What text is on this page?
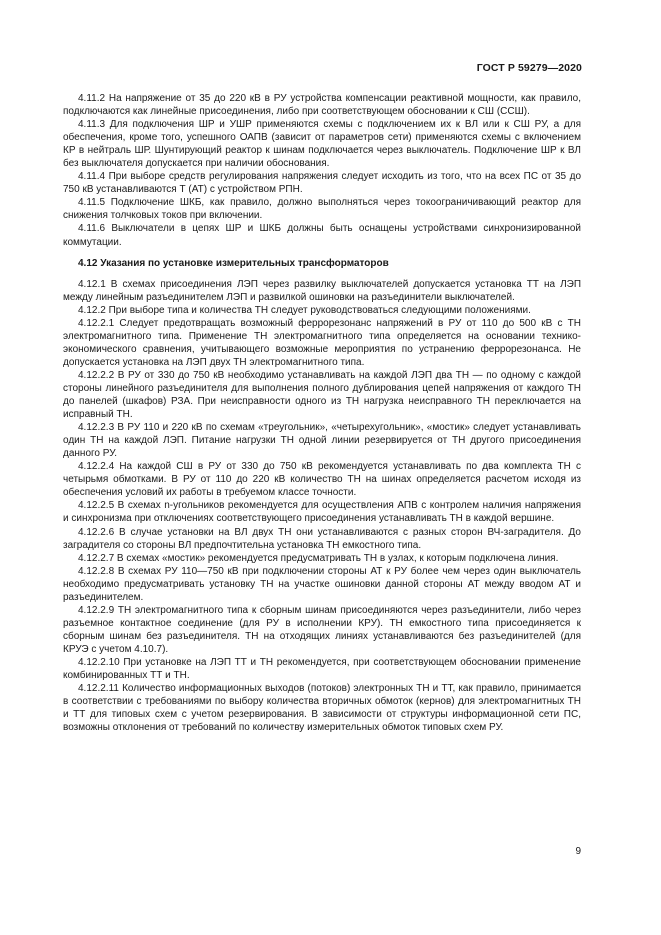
ГОСТ Р 59279—2020

4.11.2 На напряжение от 35 до 220 кВ в РУ устройства компенсации реактивной мощности, как правило, подключаются как линейные присоединения, либо при соответствующем обосновании к СШ (ССШ).

4.11.3 Для подключения ШР и УШР применяются схемы с подключением их к ВЛ или к СШ РУ, а для обеспечения, кроме того, успешного ОАПВ (зависит от параметров сети) применяются схемы с включением КР в нейтраль ШР. Шунтирующий реактор к шинам подключается через выключатель. Подключение ШР к ВЛ без выключателя допускается при наличии обоснования.

4.11.4 При выборе средств регулирования напряжения следует исходить из того, что на всех ПС от 35 до 750 кВ устанавливаются Т (АТ) с устройством РПН.

4.11.5 Подключение ШКБ, как правило, должно выполняться через токоограничивающий реактор для снижения толчковых токов при включении.

4.11.6 Выключатели в цепях ШР и ШКБ должны быть оснащены устройствами синхронизированной коммутации.

4.12 Указания по установке измерительных трансформаторов

4.12.1 В схемах присоединения ЛЭП через развилку выключателей допускается установка ТТ на ЛЭП между линейным разъединителем ЛЭП и развилкой ошиновки на разъединители выключателей.

4.12.2 При выборе типа и количества ТН следует руководствоваться следующими положениями.

4.12.2.1 Следует предотвращать возможный феррорезонанс напряжений в РУ от 110 до 500 кВ с ТН электромагнитного типа. Применение ТН электромагнитного типа определяется на основании технико-экономического сравнения, учитывающего возможные мероприятия по устранению феррорезонанса. Не допускается установка на ЛЭП двух ТН электромагнитного типа.

4.12.2.2 В РУ от 330 до 750 кВ необходимо устанавливать на каждой ЛЭП два ТН — по одному с каждой стороны линейного разъединителя для выполнения полного дублирования цепей напряжения от каждого ТН до панелей (шкафов) РЗА. При неисправности одного из ТН нагрузка неисправного ТН переключается на исправный ТН.

4.12.2.3 В РУ 110 и 220 кВ по схемам «треугольник», «четырехугольник», «мостик» следует устанавливать один ТН на каждой ЛЭП. Питание нагрузки ТН одной линии резервируется от ТН другого присоединения данного РУ.

4.12.2.4 На каждой СШ в РУ от 330 до 750 кВ рекомендуется устанавливать по два комплекта ТН с четырьмя обмотками. В РУ от 110 до 220 кВ количество ТН на шинах определяется расчетом исходя из обеспечения условий их работы в требуемом классе точности.

4.12.2.5 В схемах n-угольников рекомендуется для осуществления АПВ с контролем наличия напряжения и синхронизма при отключениях соответствующего присоединения устанавливать ТН в каждой вершине.

4.12.2.6 В случае установки на ВЛ двух ТН они устанавливаются с разных сторон ВЧ-заградителя. До заградителя со стороны ВЛ предпочтительна установка ТН емкостного типа.

4.12.2.7 В схемах «мостик» рекомендуется предусматривать ТН в узлах, к которым подключена линия.

4.12.2.8 В схемах РУ 110—750 кВ при подключении стороны АТ к РУ более чем через один выключатель необходимо предусматривать установку ТН на участке ошиновки данной стороны АТ между вводом АТ и разъединителем.

4.12.2.9 ТН электромагнитного типа к сборным шинам присоединяются через разъединители, либо через разъемное контактное соединение (для РУ в исполнении КРУ). ТН емкостного типа присоединяется к сборным шинам без разъединителя. ТН на отходящих линиях устанавливаются без разъединителей (для КРУЭ с учетом 4.10.7).

4.12.2.10 При установке на ЛЭП ТТ и ТН рекомендуется, при соответствующем обосновании применение комбинированных ТТ и ТН.

4.12.2.11 Количество информационных выходов (потоков) электронных ТН и ТТ, как правило, принимается в соответствии с требованиями по выбору количества вторичных обмоток (кернов) для электромагнитных ТН и ТТ для типовых схем с учетом резервирования. В зависимости от структуры информационной сети ПС, возможны отклонения от требований по количеству измерительных обмоток типовых схем РУ.

9
